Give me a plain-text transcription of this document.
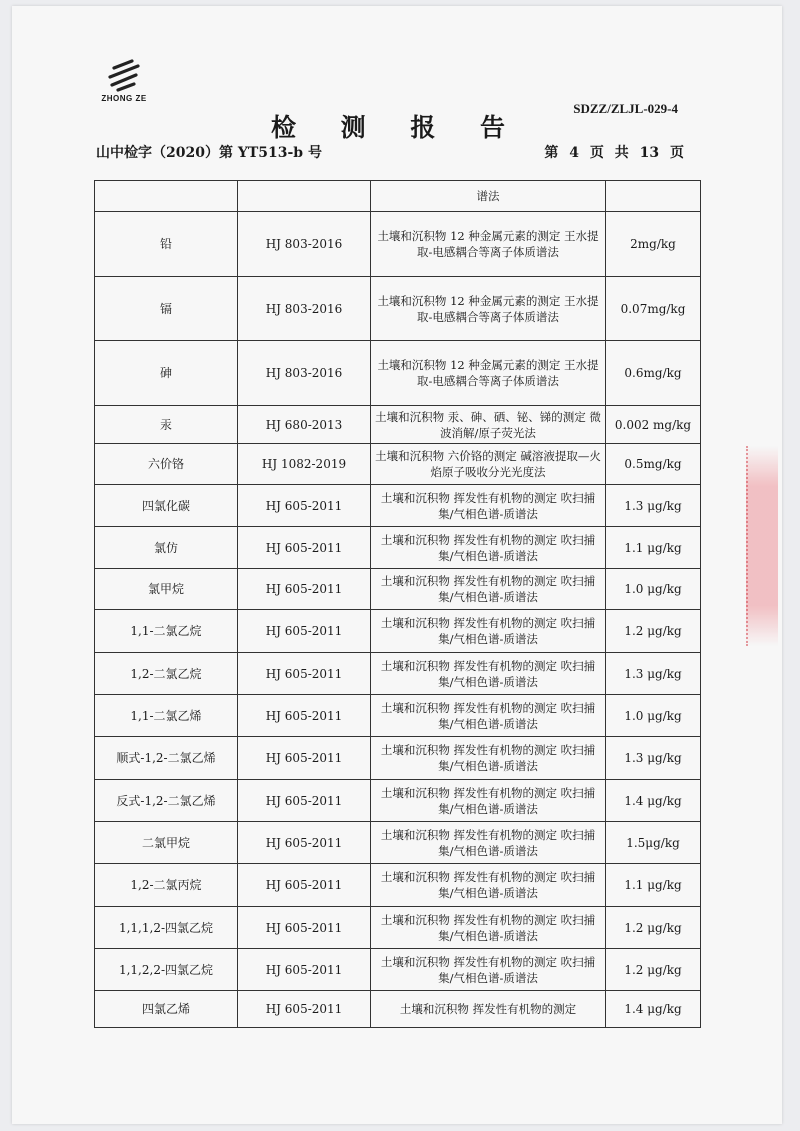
ZHONG ZE
SDZZ/ZLJL-029-4
检 测 报 告
山中检字（2020）第 YT513-b 号	第 4 页 共 13 页
		谱法	
铅	HJ 803-2016	土壤和沉积物 12 种金属元素的测定 王水提取-电感耦合等离子体质谱法	2mg/kg
镉	HJ 803-2016	土壤和沉积物 12 种金属元素的测定 王水提取-电感耦合等离子体质谱法	0.07mg/kg
砷	HJ 803-2016	土壤和沉积物 12 种金属元素的测定 王水提取-电感耦合等离子体质谱法	0.6mg/kg
汞	HJ 680-2013	土壤和沉积物 汞、砷、硒、铋、锑的测定 微波消解/原子荧光法	0.002 mg/kg
六价铬	HJ 1082-2019	土壤和沉积物 六价铬的测定 碱溶液提取—火焰原子吸收分光光度法	0.5mg/kg
四氯化碳	HJ 605-2011	土壤和沉积物 挥发性有机物的测定 吹扫捕集/气相色谱-质谱法	1.3 μg/kg
氯仿	HJ 605-2011	土壤和沉积物 挥发性有机物的测定 吹扫捕集/气相色谱-质谱法	1.1 μg/kg
氯甲烷	HJ 605-2011	土壤和沉积物 挥发性有机物的测定 吹扫捕集/气相色谱-质谱法	1.0 μg/kg
1,1-二氯乙烷	HJ 605-2011	土壤和沉积物 挥发性有机物的测定 吹扫捕集/气相色谱-质谱法	1.2 μg/kg
1,2-二氯乙烷	HJ 605-2011	土壤和沉积物 挥发性有机物的测定 吹扫捕集/气相色谱-质谱法	1.3 μg/kg
1,1-二氯乙烯	HJ 605-2011	土壤和沉积物 挥发性有机物的测定 吹扫捕集/气相色谱-质谱法	1.0 μg/kg
顺式-1,2-二氯乙烯	HJ 605-2011	土壤和沉积物 挥发性有机物的测定 吹扫捕集/气相色谱-质谱法	1.3 μg/kg
反式-1,2-二氯乙烯	HJ 605-2011	土壤和沉积物 挥发性有机物的测定 吹扫捕集/气相色谱-质谱法	1.4 μg/kg
二氯甲烷	HJ 605-2011	土壤和沉积物 挥发性有机物的测定 吹扫捕集/气相色谱-质谱法	1.5μg/kg
1,2-二氯丙烷	HJ 605-2011	土壤和沉积物 挥发性有机物的测定 吹扫捕集/气相色谱-质谱法	1.1 μg/kg
1,1,1,2-四氯乙烷	HJ 605-2011	土壤和沉积物 挥发性有机物的测定 吹扫捕集/气相色谱-质谱法	1.2 μg/kg
1,1,2,2-四氯乙烷	HJ 605-2011	土壤和沉积物 挥发性有机物的测定 吹扫捕集/气相色谱-质谱法	1.2 μg/kg
四氯乙烯	HJ 605-2011	土壤和沉积物 挥发性有机物的测定	1.4 μg/kg
